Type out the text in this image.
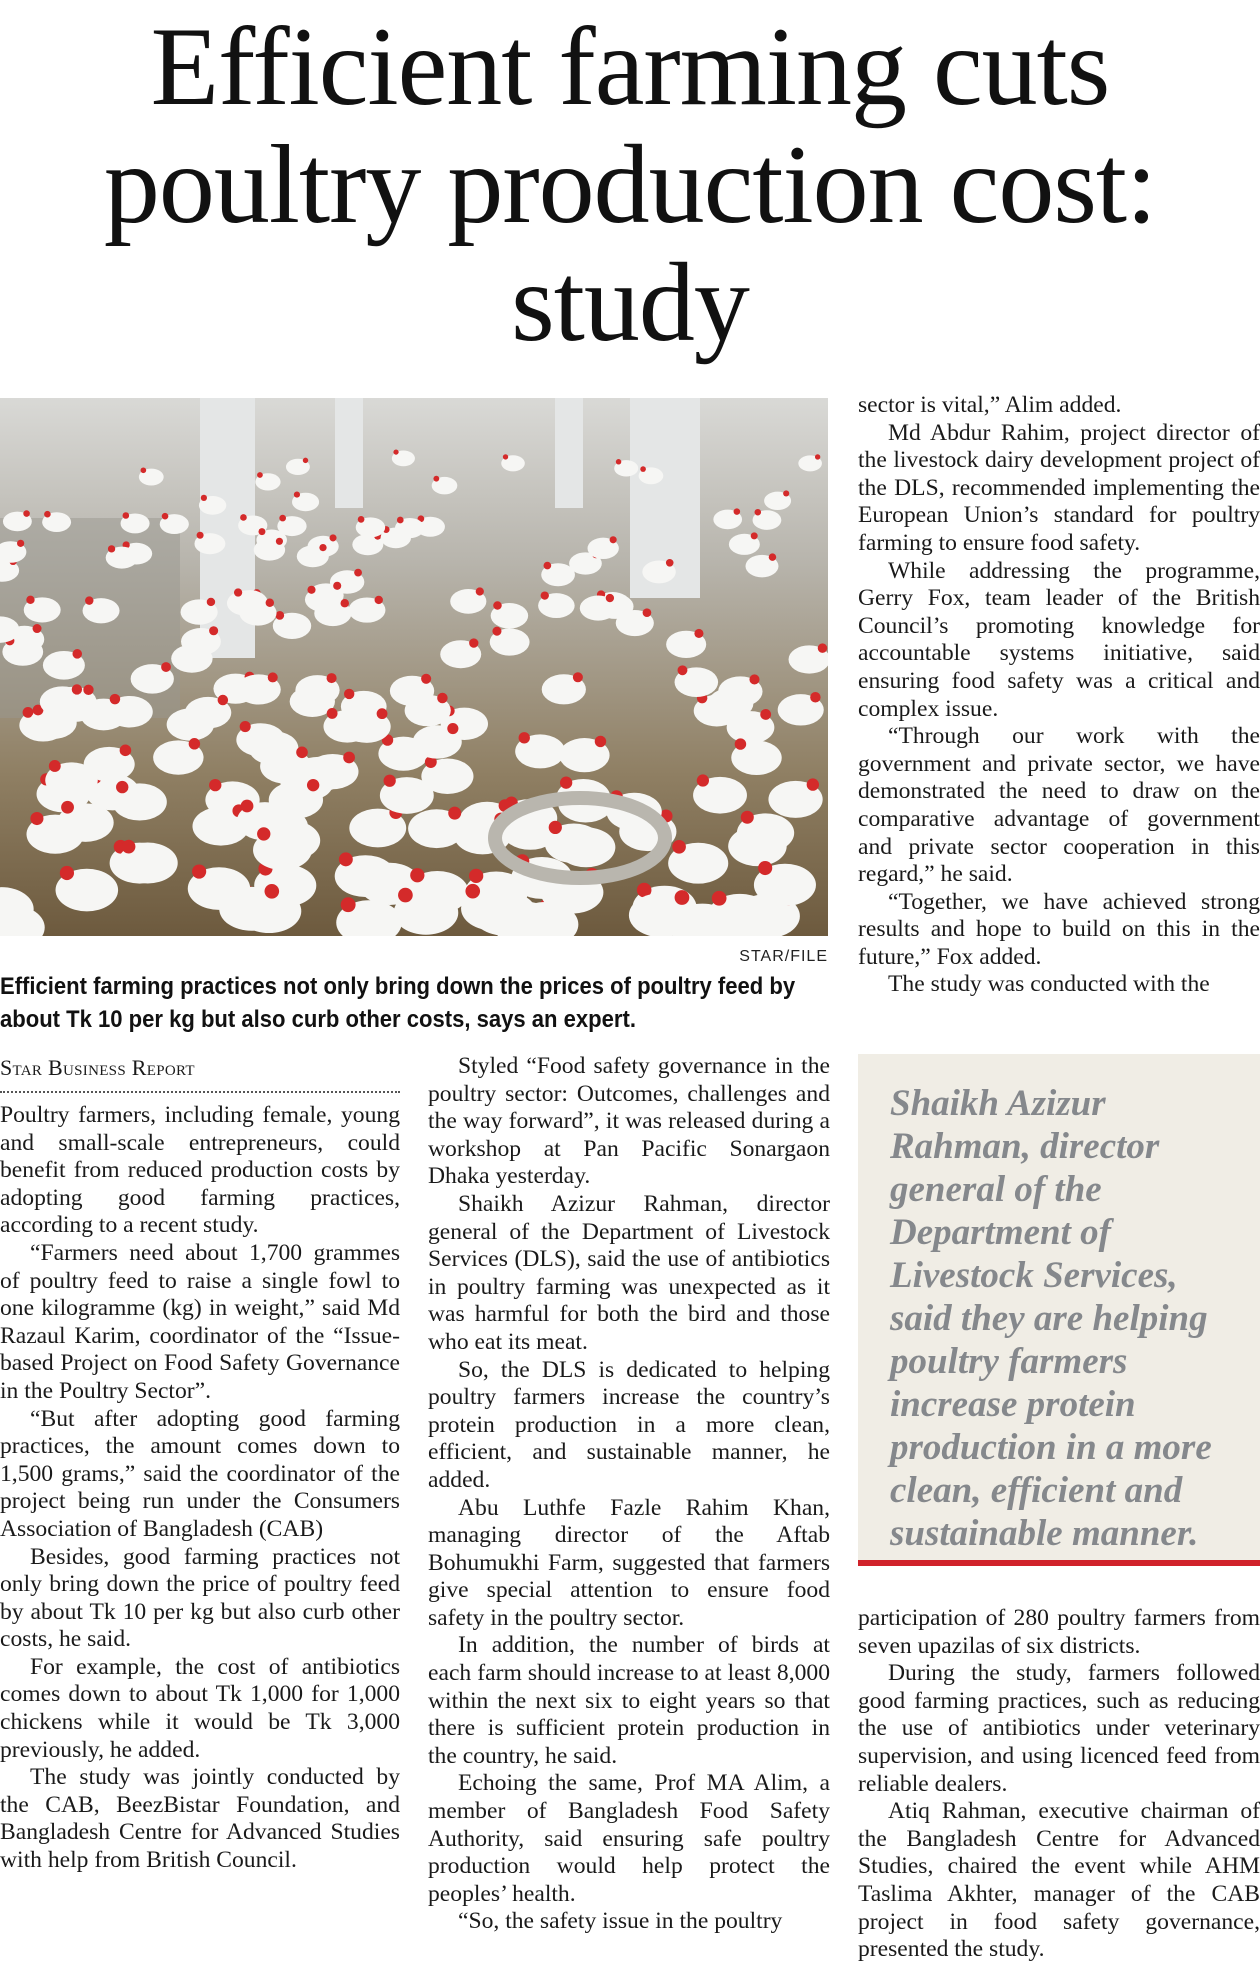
Efficient farming cuts poultry production cost: study
STAR/FILE
Efficient farming practices not only bring down the prices of poultry feed by about Tk 10 per kg but also curb other costs, says an expert.
Star Business Report

Poultry farmers, including female, young and small-scale entrepreneurs, could benefit from reduced production costs by adopting good farming practices, according to a recent study.

“Farmers need about 1,700 grammes of poultry feed to raise a single fowl to one kilogramme (kg) in weight,” said Md Razaul Karim, coordinator of the “Issue-based Project on Food Safety Governance in the Poultry Sector”.

“But after adopting good farming practices, the amount comes down to 1,500 grams,” said the coordinator of the project being run under the Consumers Association of Bangladesh (CAB)

Besides, good farming practices not only bring down the price of poultry feed by about Tk 10 per kg but also curb other costs, he said.

For example, the cost of antibiotics comes down to about Tk 1,000 for 1,000 chickens while it would be Tk 3,000 previously, he added.

The study was jointly conducted by the CAB, BeezBistar Foundation, and Bangladesh Centre for Advanced Studies with help from British Council.

Styled “Food safety governance in the poultry sector: Outcomes, challenges and the way forward”, it was released during a workshop at Pan Pacific Sonargaon Dhaka yesterday.

Shaikh Azizur Rahman, director general of the Department of Livestock Services (DLS), said the use of antibiotics in poultry farming was unexpected as it was harmful for both the bird and those who eat its meat.

So, the DLS is dedicated to helping poultry farmers increase the country’s protein production in a more clean, efficient, and sustainable manner, he added.

Abu Luthfe Fazle Rahim Khan, managing director of the Aftab Bohumukhi Farm, suggested that farmers give special attention to ensure food safety in the poultry sector.

In addition, the number of birds at each farm should increase to at least 8,000 within the next six to eight years so that there is sufficient protein production in the country, he said.

Echoing the same, Prof MA Alim, a member of Bangladesh Food Safety Authority, said ensuring safe poultry production would help protect the peoples’ health.

“So, the safety issue in the poultry

sector is vital,” Alim added.

Md Abdur Rahim, project director of the livestock dairy development project of the DLS, recommended implementing the European Union’s standard for poultry farming to ensure food safety.

While addressing the programme, Gerry Fox, team leader of the British Council’s promoting knowledge for accountable systems initiative, said ensuring food safety was a critical and complex issue.

“Through our work with the government and private sector, we have demonstrated the need to draw on the comparative advantage of government and private sector cooperation in this regard,” he said.

“Together, we have achieved strong results and hope to build on this in the future,” Fox added.

The study was conducted with the

Shaikh Azizur Rahman, director general of the Department of Livestock Services, said they are helping poultry farmers increase protein production in a more clean, efficient and sustainable manner.

participation of 280 poultry farmers from seven upazilas of six districts.

During the study, farmers followed good farming practices, such as reducing the use of antibiotics under veterinary supervision, and using licenced feed from reliable dealers.

Atiq Rahman, executive chairman of the Bangladesh Centre for Advanced Studies, chaired the event while AHM Taslima Akhter, manager of the CAB project in food safety governance, presented the study.
